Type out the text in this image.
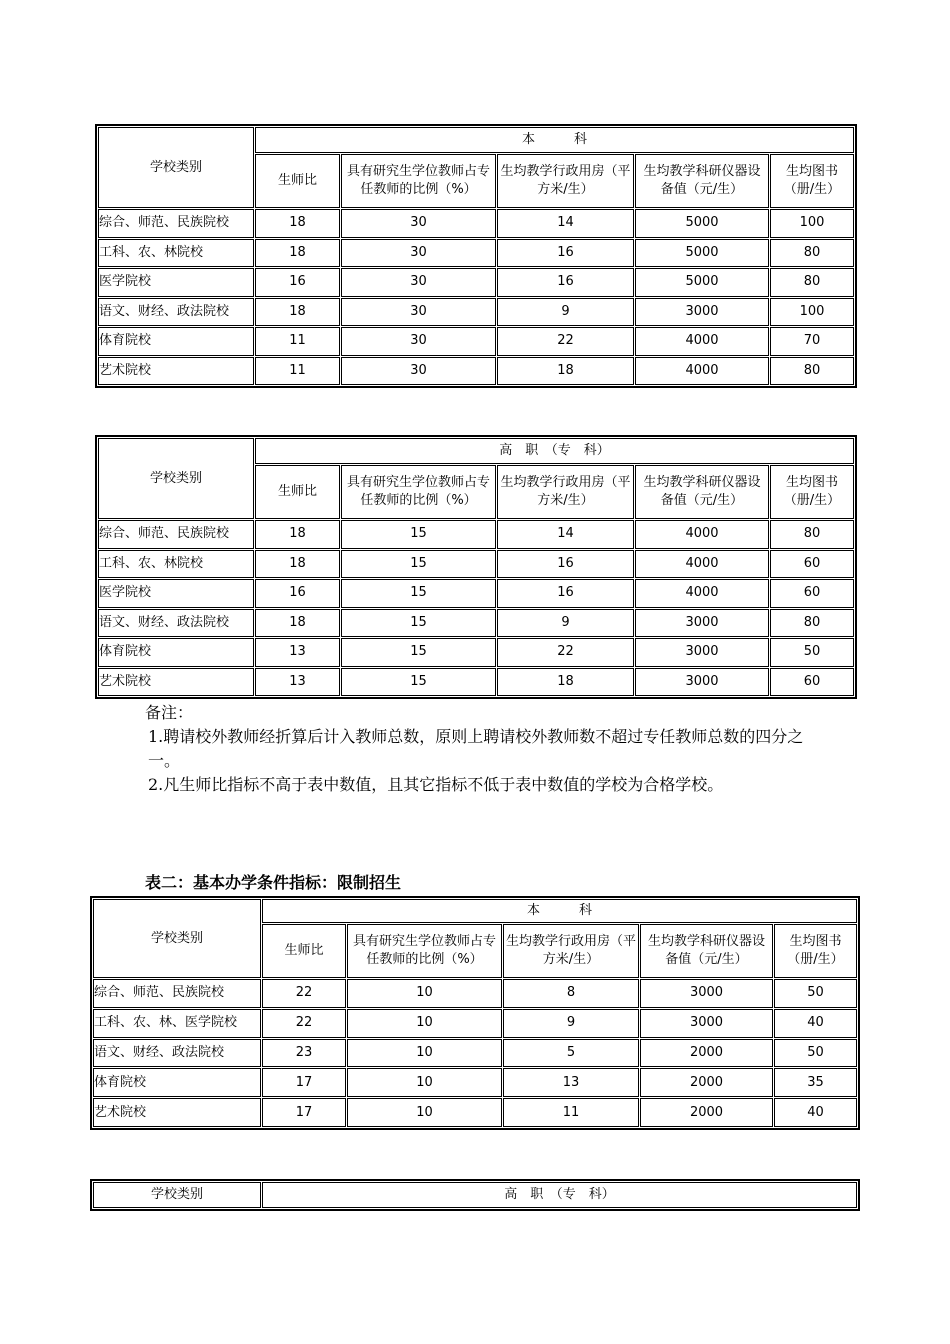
学校类别	本　　　科				
	生师比	具有研究生学位教师占专任教师的比例（%）	生均教学行政用房（平方米/生）	生均教学科研仪器设备值（元/生）	生均图书（册/生）
综合、师范、民族院校	18	30	14	5000	100
工科、农、林院校	18	30	16	5000	80
医学院校	16	30	16	5000	80
语文、财经、政法院校	18	30	9	3000	100
体育院校	11	30	22	4000	70
艺术院校	11	30	18	4000	80
学校类别	高　职　（专　科）				
	生师比	具有研究生学位教师占专任教师的比例（%）	生均教学行政用房（平方米/生）	生均教学科研仪器设备值（元/生）	生均图书（册/生）
综合、师范、民族院校	18	15	14	4000	80
工科、农、林院校	18	15	16	4000	60
医学院校	16	15	16	4000	60
语文、财经、政法院校	18	15	9	3000	80
体育院校	13	15	22	3000	50
艺术院校	13	15	18	3000	60

备注：

1.聘请校外教师经折算后计入教师总数，原则上聘请校外教师数不超过专任教师总数的四分之一。

2.凡生师比指标不高于表中数值，且其它指标不低于表中数值的学校为合格学校。

表二：基本办学条件指标：限制招生
学校类别	本　　　科				
	生师比	具有研究生学位教师占专任教师的比例（%）	生均教学行政用房（平方米/生）	生均教学科研仪器设备值（元/生）	生均图书（册/生）
综合、师范、民族院校	22	10	8	3000	50
工科、农、林、医学院校	22	10	9	3000	40
语文、财经、政法院校	23	10	5	2000	50
体育院校	17	10	13	2000	35
艺术院校	17	10	11	2000	40
学校类别	高　职　（专　科）
